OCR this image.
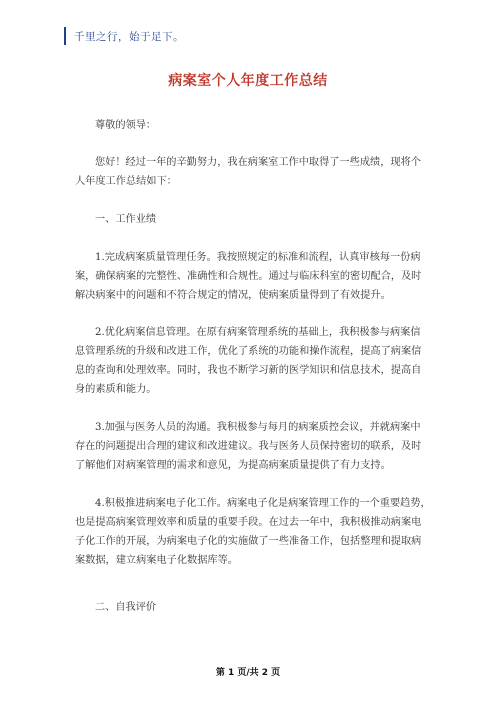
千里之行，始于足下。
病案室个人年度工作总结
尊敬的领导：
您好！经过一年的辛勤努力，我在病案室工作中取得了一些成绩，现将个
人年度工作总结如下：
一、工作业绩
1.完成病案质量管理任务。我按照规定的标准和流程，认真审核每一份病
案，确保病案的完整性、准确性和合规性。通过与临床科室的密切配合，及时
解决病案中的问题和不符合规定的情况，使病案质量得到了有效提升。
2.优化病案信息管理。在原有病案管理系统的基础上，我积极参与病案信
息管理系统的升级和改进工作，优化了系统的功能和操作流程，提高了病案信
息的查询和处理效率。同时，我也不断学习新的医学知识和信息技术，提高自
身的素质和能力。
3.加强与医务人员的沟通。我积极参与每月的病案质控会议，并就病案中
存在的问题提出合理的建议和改进建议。我与医务人员保持密切的联系，及时
了解他们对病案管理的需求和意见，为提高病案质量提供了有力支持。
4.积极推进病案电子化工作。病案电子化是病案管理工作的一个重要趋势，
也是提高病案管理效率和质量的重要手段。在过去一年中，我积极推动病案电
子化工作的开展，为病案电子化的实施做了一些准备工作，包括整理和提取病
案数据，建立病案电子化数据库等。
二、自我评价
第 1 页/共 2 页
